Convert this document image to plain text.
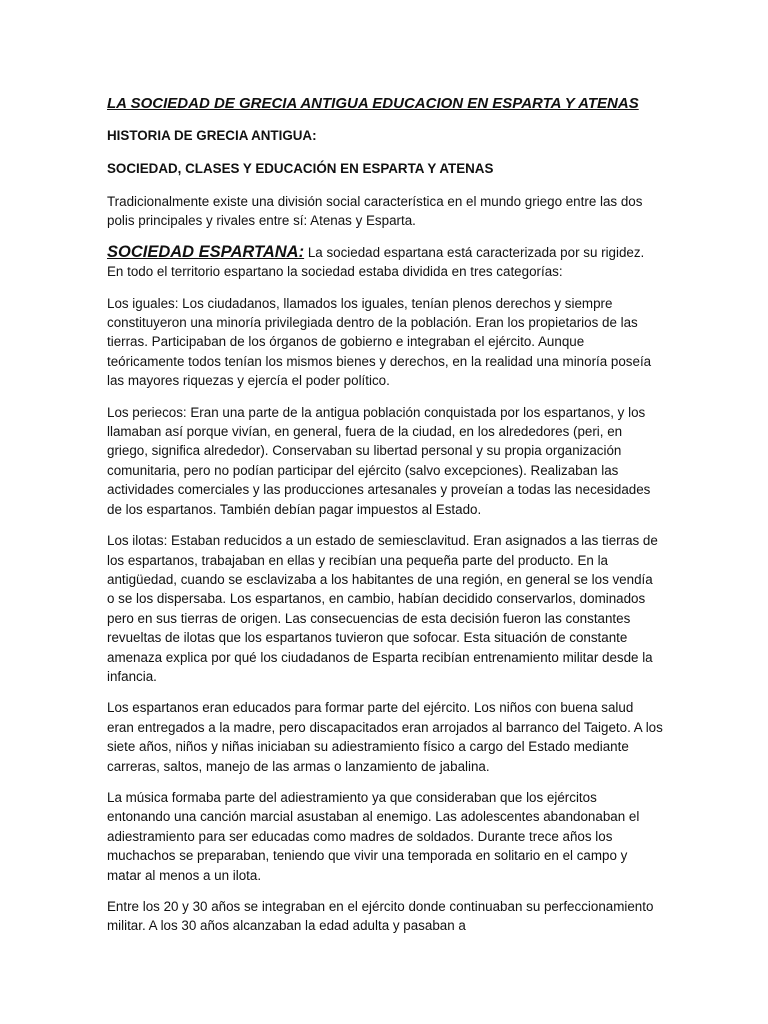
LA SOCIEDAD DE GRECIA ANTIGUA EDUCACION EN ESPARTA Y ATENAS
HISTORIA DE GRECIA ANTIGUA:
SOCIEDAD, CLASES Y EDUCACIÓN EN ESPARTA Y ATENAS

Tradicionalmente existe una división social característica en el mundo griego entre las dos polis principales y rivales entre sí: Atenas y Esparta.

SOCIEDAD ESPARTANA: La sociedad espartana está caracterizada por su rigidez. En todo el territorio espartano la sociedad estaba dividida en tres categorías:

Los iguales: Los ciudadanos, llamados los iguales, tenían plenos derechos y siempre constituyeron una minoría privilegiada dentro de la población. Eran los propietarios de las tierras. Participaban de los órganos de gobierno e integraban el ejército. Aunque teóricamente todos tenían los mismos bienes y derechos, en la realidad una minoría poseía las mayores riquezas y ejercía el poder político.

Los periecos: Eran una parte de la antigua población conquistada por los espartanos, y los llamaban así porque vivían, en general, fuera de la ciudad, en los alrededores (peri, en griego, significa alrededor). Conservaban su libertad personal y su propia organización comunitaria, pero no podían participar del ejército (salvo excepciones). Realizaban las actividades comerciales y las producciones artesanales y proveían a todas las necesidades de los espartanos. También debían pagar impuestos al Estado.

Los ilotas: Estaban reducidos a un estado de semiesclavitud. Eran asignados a las tierras de los espartanos, trabajaban en ellas y recibían una pequeña parte del producto. En la antigüedad, cuando se esclavizaba a los habitantes de una región, en general se los vendía o se los dispersaba. Los espartanos, en cambio, habían decidido conservarlos, dominados pero en sus tierras de origen. Las consecuencias de esta decisión fueron las constantes revueltas de ilotas que los espartanos tuvieron que sofocar. Esta situación de constante amenaza explica por qué los ciudadanos de Esparta recibían entrenamiento militar desde la infancia.

Los espartanos eran educados para formar parte del ejército. Los niños con buena salud eran entregados a la madre, pero discapacitados eran arrojados al barranco del Taigeto. A los siete años, niños y niñas iniciaban su adiestramiento físico a cargo del Estado mediante carreras, saltos, manejo de las armas o lanzamiento de jabalina.

La música formaba parte del adiestramiento ya que consideraban que los ejércitos entonando una canción marcial asustaban al enemigo. Las adolescentes abandonaban el adiestramiento para ser educadas como madres de soldados. Durante trece años los muchachos se preparaban, teniendo que vivir una temporada en solitario en el campo y matar al menos a un ilota.

Entre los 20 y 30 años se integraban en el ejército donde continuaban su perfeccionamiento militar. A los 30 años alcanzaban la edad adulta y pasaban a
